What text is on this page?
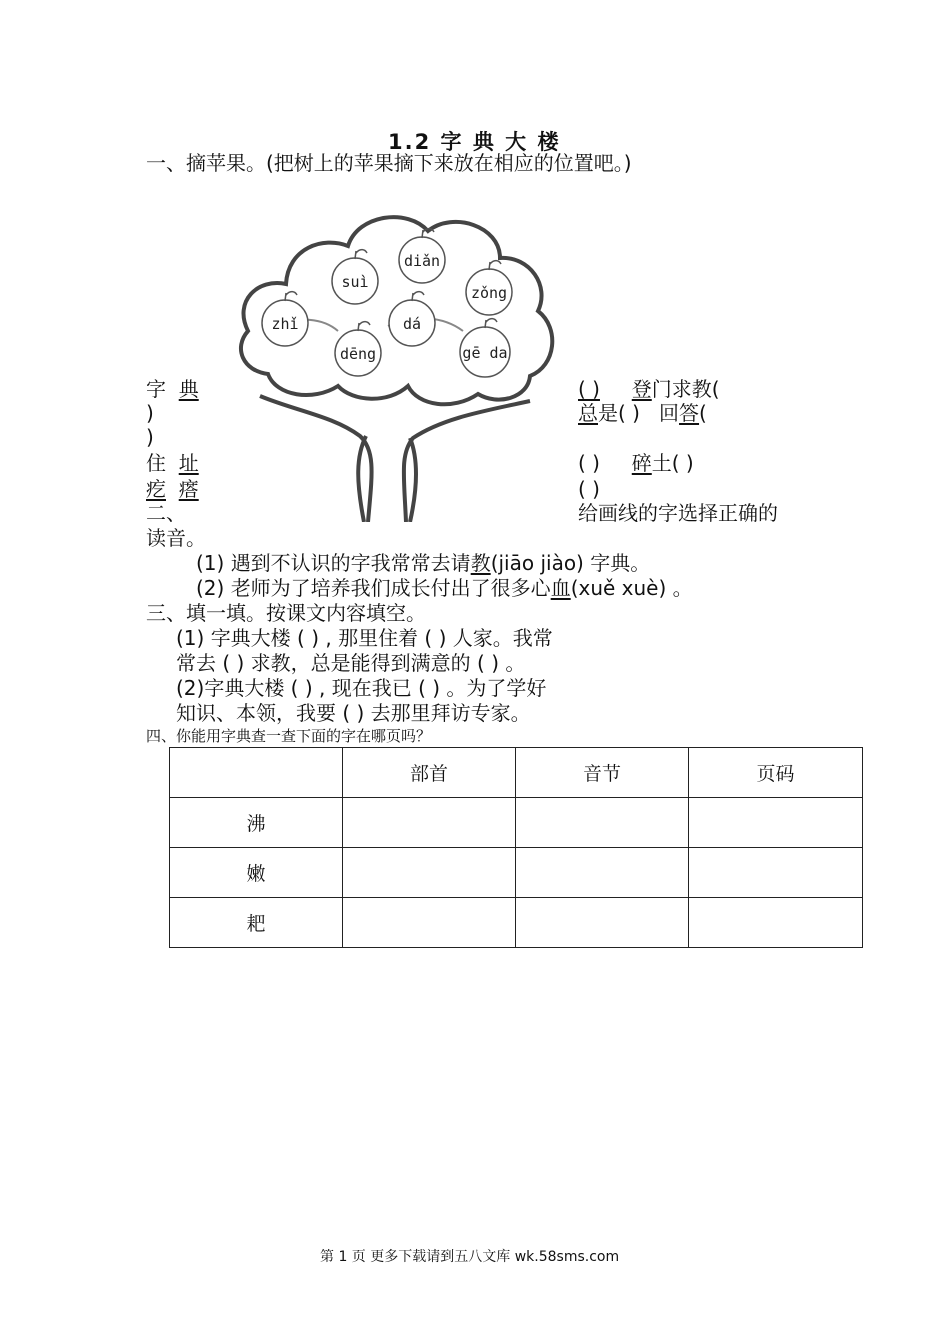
1.2 字 典 大 楼
一、摘苹果。(把树上的苹果摘下来放在相应的位置吧。)
suì
diǎn
zǒng
zhǐ	dá
dēng	gē da
字 典
)
)
住 址
疙 瘩
( ) 登门求教(
总是( ) 回答(
( ) 碎土( )
( )
二、	给画线的字选择正确的
读音。
(1) 遇到不认识的字我常常去请教(jiāo jiào) 字典。
(2) 老师为了培养我们成长付出了很多心血(xuě xuè) 。
三、填一填。按课文内容填空。
(1) 字典大楼 ( ) , 那里住着 ( ) 人家。我常
常去 ( ) 求教，总是能得到满意的 ( ) 。
(2)字典大楼 ( ) , 现在我已 ( ) 。为了学好
知识、本领，我要 ( ) 去那里拜访专家。
四、你能用字典查一查下面的字在哪页吗？
	部首	音节	页码
沸			
嫩			
耙			
第 1 页 更多下载请到五八文库 wk.58sms.com
